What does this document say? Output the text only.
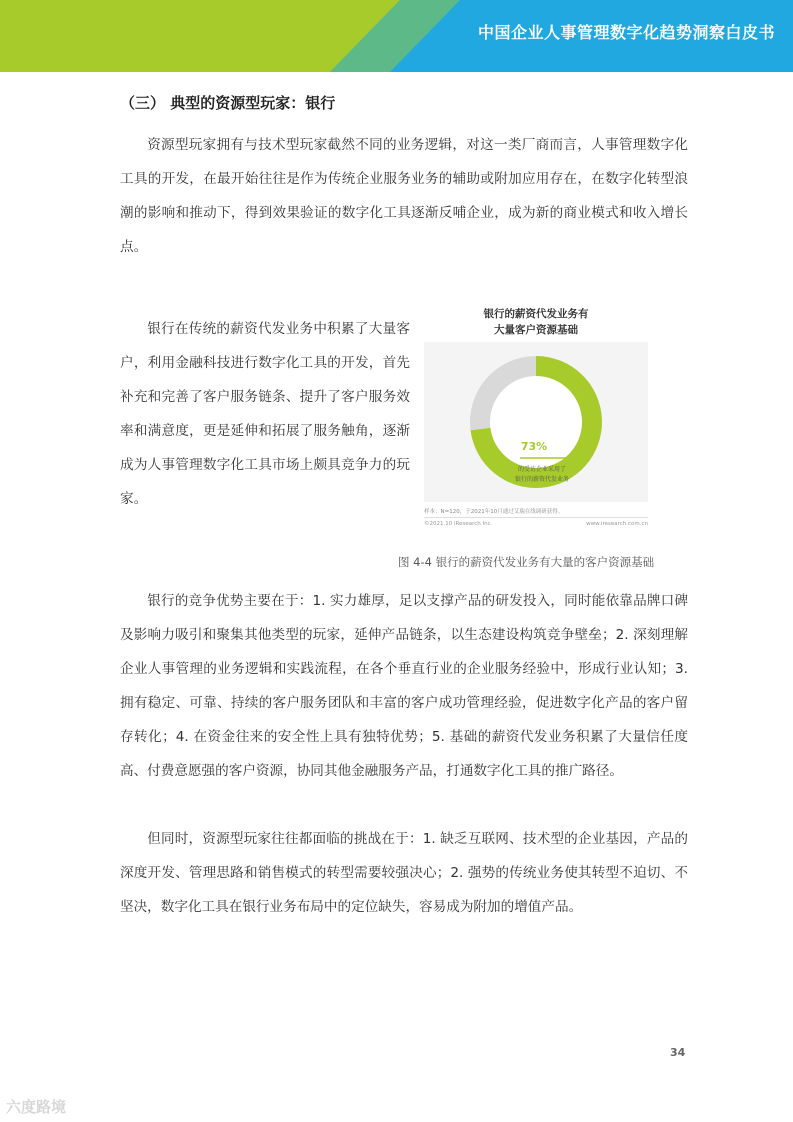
中国企业人事管理数字化趋势洞察白皮书
（三） 典型的资源型玩家：银行

资源型玩家拥有与技术型玩家截然不同的业务逻辑，对这一类厂商而言，人事管理数字化工具的开发，在最开始往往是作为传统企业服务业务的辅助或附加应用存在，在数字化转型浪潮的影响和推动下，得到效果验证的数字化工具逐渐反哺企业，成为新的商业模式和收入增长点。

银行在传统的薪资代发业务中积累了大量客户，利用金融科技进行数字化工具的开发，首先补充和完善了客户服务链条、提升了客户服务效率和满意度，更是延伸和拓展了服务触角，逐渐成为人事管理数字化工具市场上颇具竞争力的玩家。

银行的薪资代发业务有
大量客户资源基础
73%
的受访企业采用了
银行的薪资代发业务
样本：N=120，于2021年10月通过艾瑞在线调研获得。
©2021.10 iResearch Inc.	www.iresearch.com.cn
图 4-4 银行的薪资代发业务有大量的客户资源基础

银行的竞争优势主要在于：1. 实力雄厚，足以支撑产品的研发投入，同时能依靠品牌口碑及影响力吸引和聚集其他类型的玩家，延伸产品链条，以生态建设构筑竞争壁垒；2. 深刻理解企业人事管理的业务逻辑和实践流程，在各个垂直行业的企业服务经验中，形成行业认知；3. 拥有稳定、可靠、持续的客户服务团队和丰富的客户成功管理经验，促进数字化产品的客户留存转化；4. 在资金往来的安全性上具有独特优势；5. 基础的薪资代发业务积累了大量信任度高、付费意愿强的客户资源，协同其他金融服务产品，打通数字化工具的推广路径。

但同时，资源型玩家往往都面临的挑战在于：1. 缺乏互联网、技术型的企业基因，产品的深度开发、管理思路和销售模式的转型需要较强决心；2. 强势的传统业务使其转型不迫切、不坚决，数字化工具在银行业务布局中的定位缺失，容易成为附加的增值产品。

34
六度路境
